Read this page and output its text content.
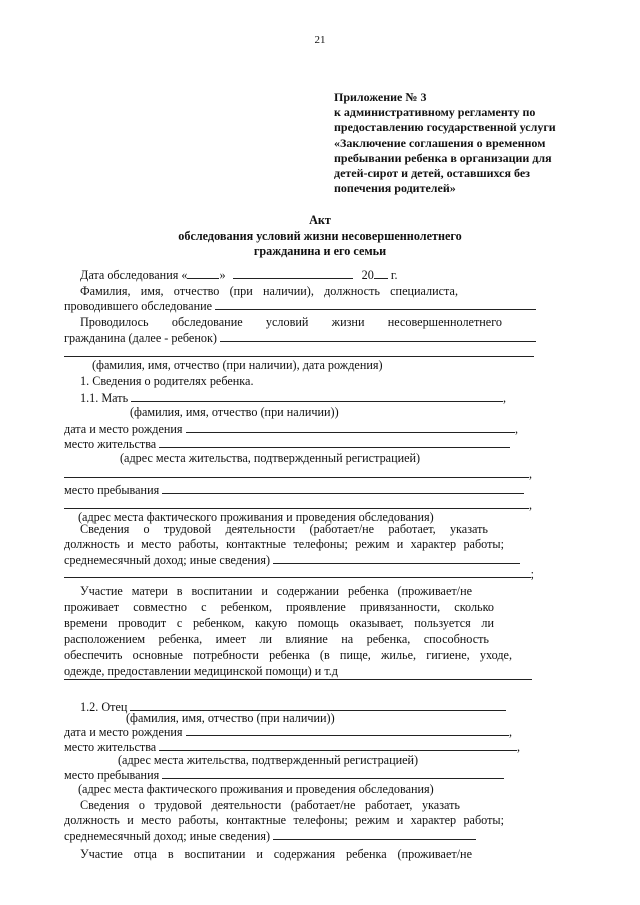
21
Приложение № 3
к административному регламенту по
предоставлению государственной услуги
«Заключение соглашения о временном
пребывании ребенка в организации для
детей-сирот и детей, оставшихся без
попечения родителей»
Акт
обследования условий жизни несовершеннолетнего
гражданина и его семьи
Дата обследования «	»	20 г.
Фамилия, имя, отчество (при наличии), должность специалиста,
проводившего обследование
Проводилось обследование условий жизни несовершеннолетнего
гражданина (далее - ребенок)
(фамилия, имя, отчество (при наличии), дата рождения)
1. Сведения о родителях ребенка.
1.1. Мать	,
(фамилия, имя, отчество (при наличии))
дата и место рождения	,
место жительства
(адрес места жительства, подтвержденный регистрацией)
,
место пребывания
,
(адрес места фактического проживания и проведения обследования)
Сведения о трудовой деятельности (работает/не работает, указать
должность и место работы, контактные телефоны; режим и характер работы;
среднемесячный доход; иные сведения)
;
Участие матери в воспитании и содержании ребенка (проживает/не
проживает совместно с ребенком, проявление привязанности, сколько
времени проводит с ребенком, какую помощь оказывает, пользуется ли
расположением ребенка, имеет ли влияние на ребенка, способность
обеспечить основные потребности ребенка (в пище, жилье, гигиене, уходе,
одежде, предоставлении медицинской помощи) и т.д
1.2. Отец
(фамилия, имя, отчество (при наличии))
дата и место рождения	,
место жительства	,
(адрес места жительства, подтвержденный регистрацией)
место пребывания
(адрес места фактического проживания и проведения обследования)
Сведения о трудовой деятельности (работает/не работает, указать
должность и место работы, контактные телефоны; режим и характер работы;
среднемесячный доход; иные сведения)
Участие отца в воспитании и содержания ребенка (проживает/не
